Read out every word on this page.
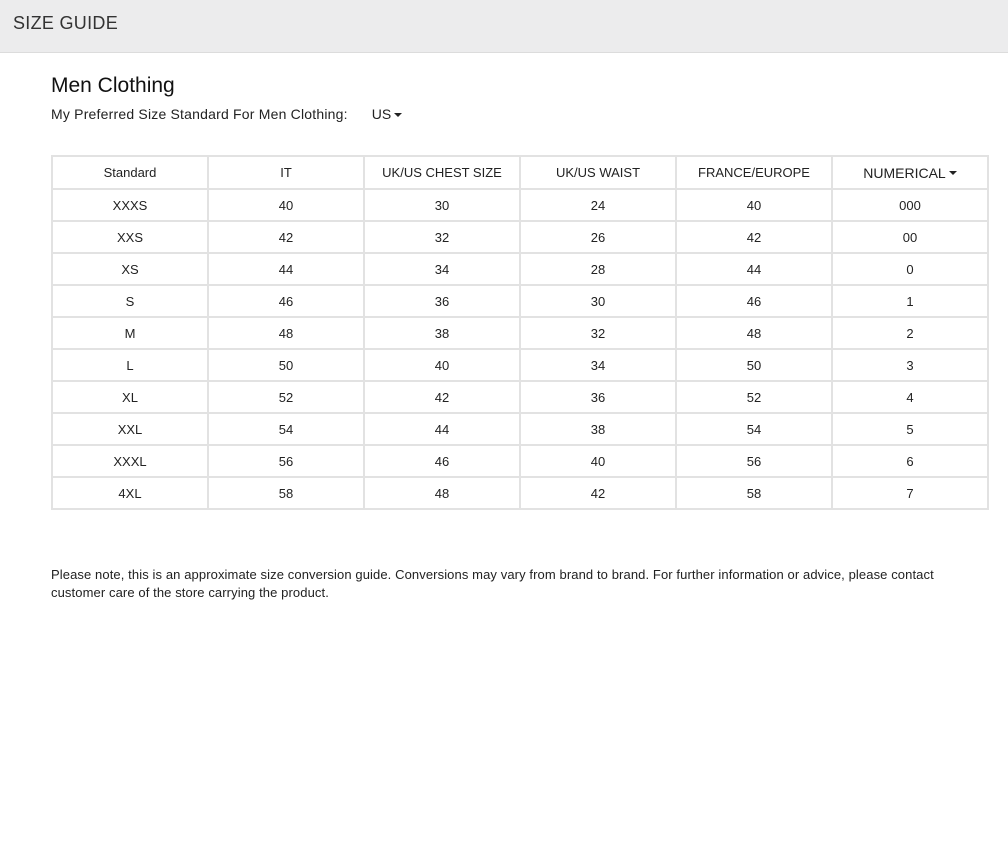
SIZE GUIDE
Men Clothing
My Preferred Size Standard For Men Clothing: US
Standard	IT	UK/US CHEST SIZE	UK/US WAIST	FRANCE/EUROPE	NUMERICAL

XXXS	40	30	24	40	000
XXS	42	32	26	42	00
XS	44	34	28	44	0
S	46	36	30	46	1
M	48	38	32	48	2
L	50	40	34	50	3
XL	52	42	36	52	4
XXL	54	44	38	54	5
XXXL	56	46	40	56	6
4XL	58	48	42	58	7
Please note, this is an approximate size conversion guide. Conversions may vary from brand to brand. For further information or advice, please contact customer care of the store carrying the product.
